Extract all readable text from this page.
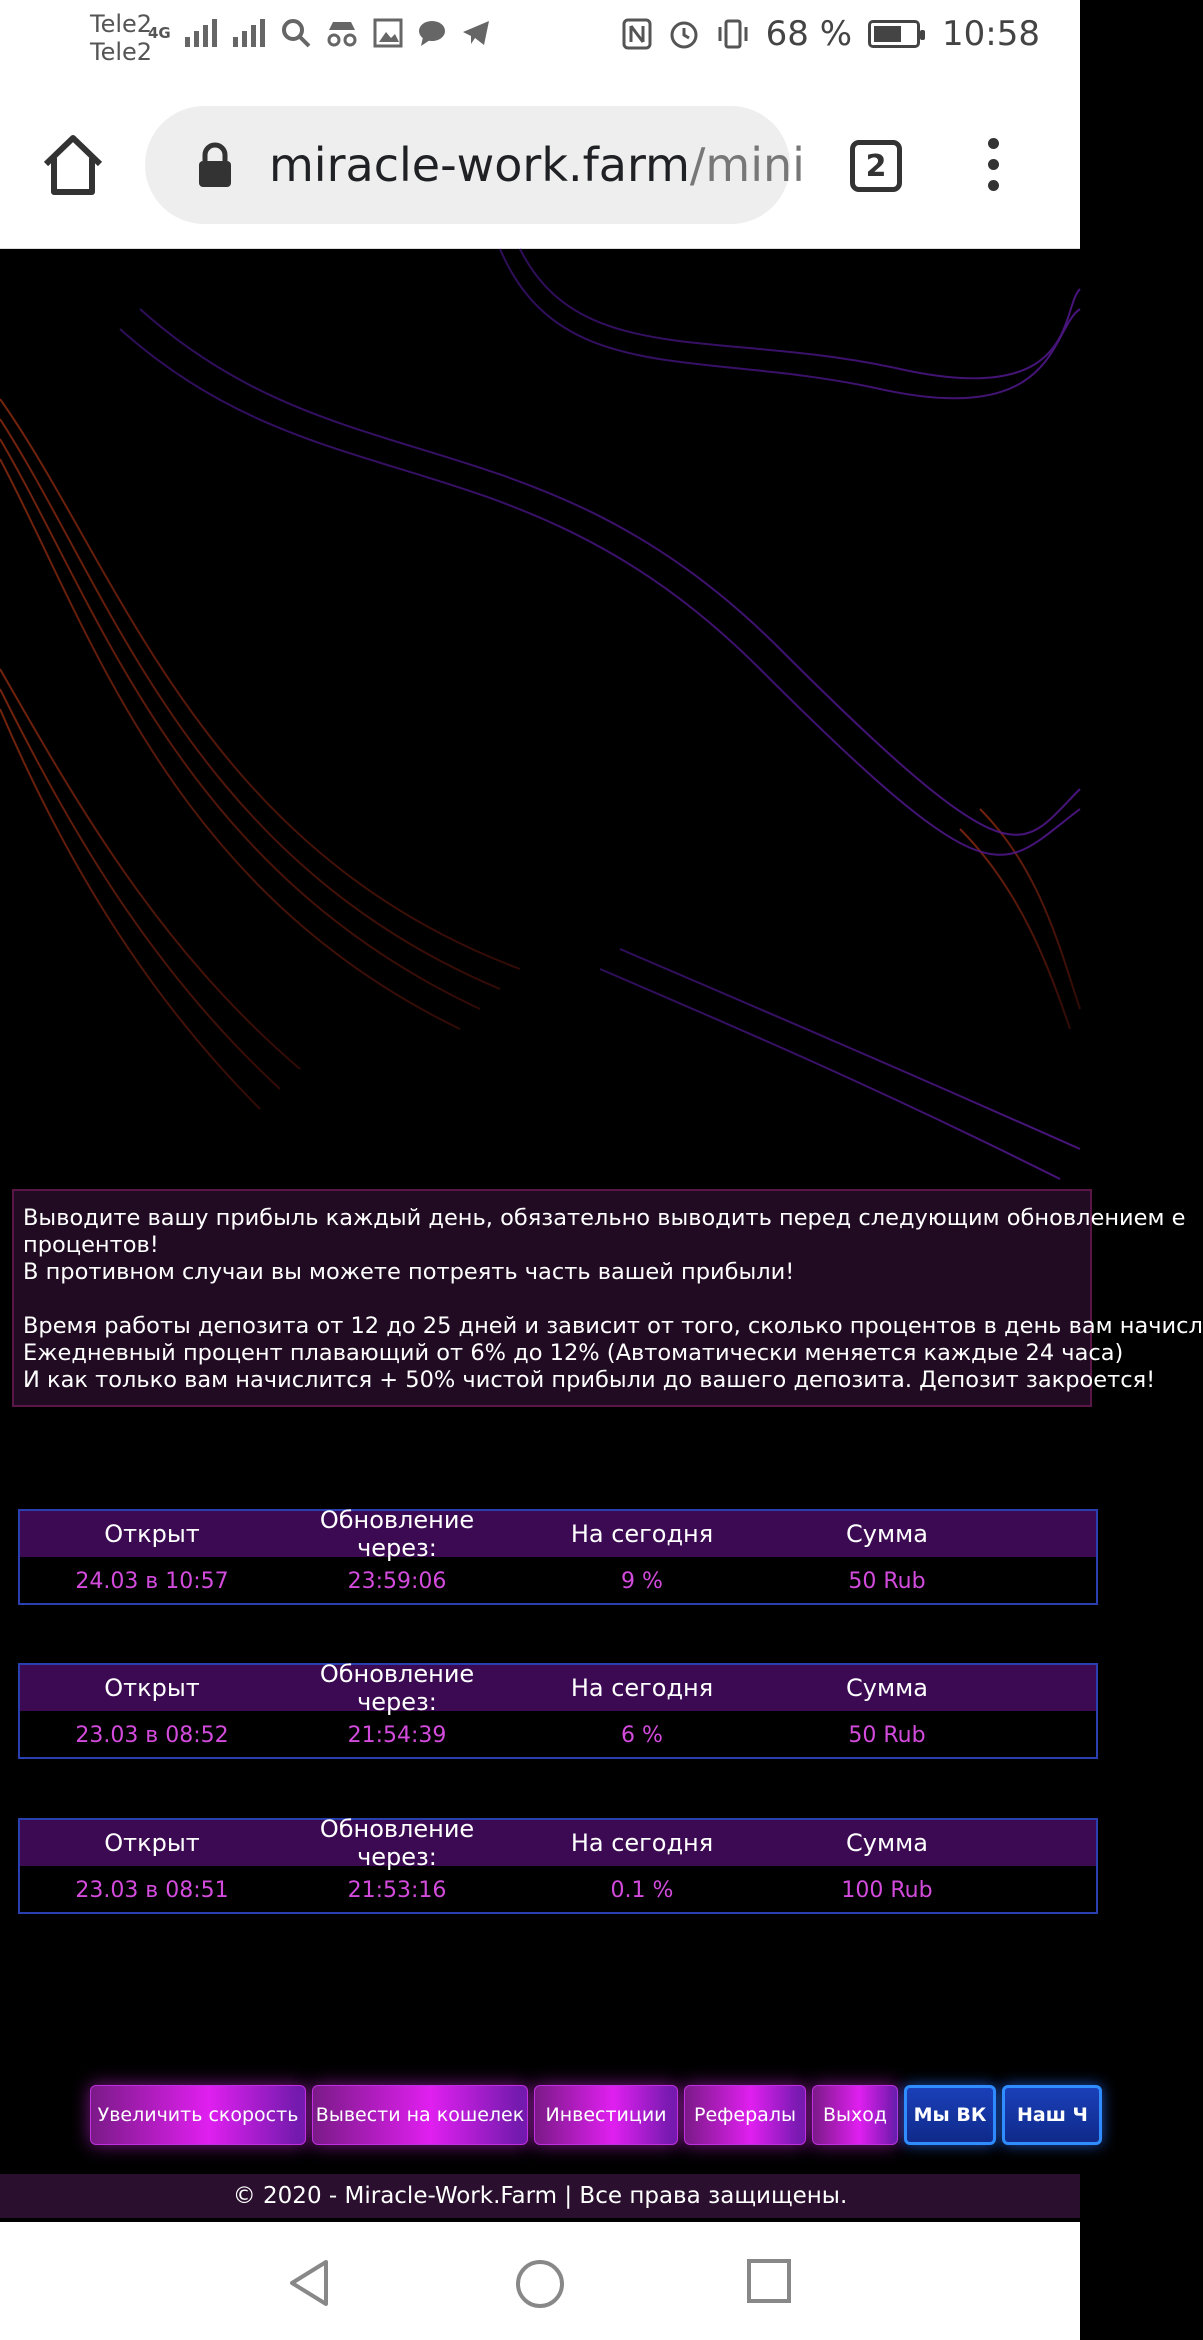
Tele2
Tele2
4G	68 %	10:58
miracle-work.farm/mini	2

Выводите вашу прибыль каждый день, обязательно выводить перед следующим обновлением е

процентов!

В противном случаи вы можете потреять часть вашей прибыли!

Время работы депозита от 12 до 25 дней и зависит от того, сколько процентов в день вам начисл

Ежедневный процент плавающий от 6% до 12% (Автоматически меняется каждые 24 часа)

И как только вам начислится + 50% чистой прибыли до вашего депозита. Депозит закроется!

Открыт	Обновление через:	На сегодня	Сумма
24.03 в 10:57	23:59:06	9 %	50 Rub
Открыт	Обновление через:	На сегодня	Сумма
23.03 в 08:52	21:54:39	6 %	50 Rub
Открыт	Обновление через:	На сегодня	Сумма
23.03 в 08:51	21:53:16	0.1 %	100 Rub
Увеличить скорость Вывести на кошелек	Инвестиции	Рефералы	Выход	Мы ВК	Наш Ч
© 2020 - Miracle-Work.Farm | Все права защищены.
